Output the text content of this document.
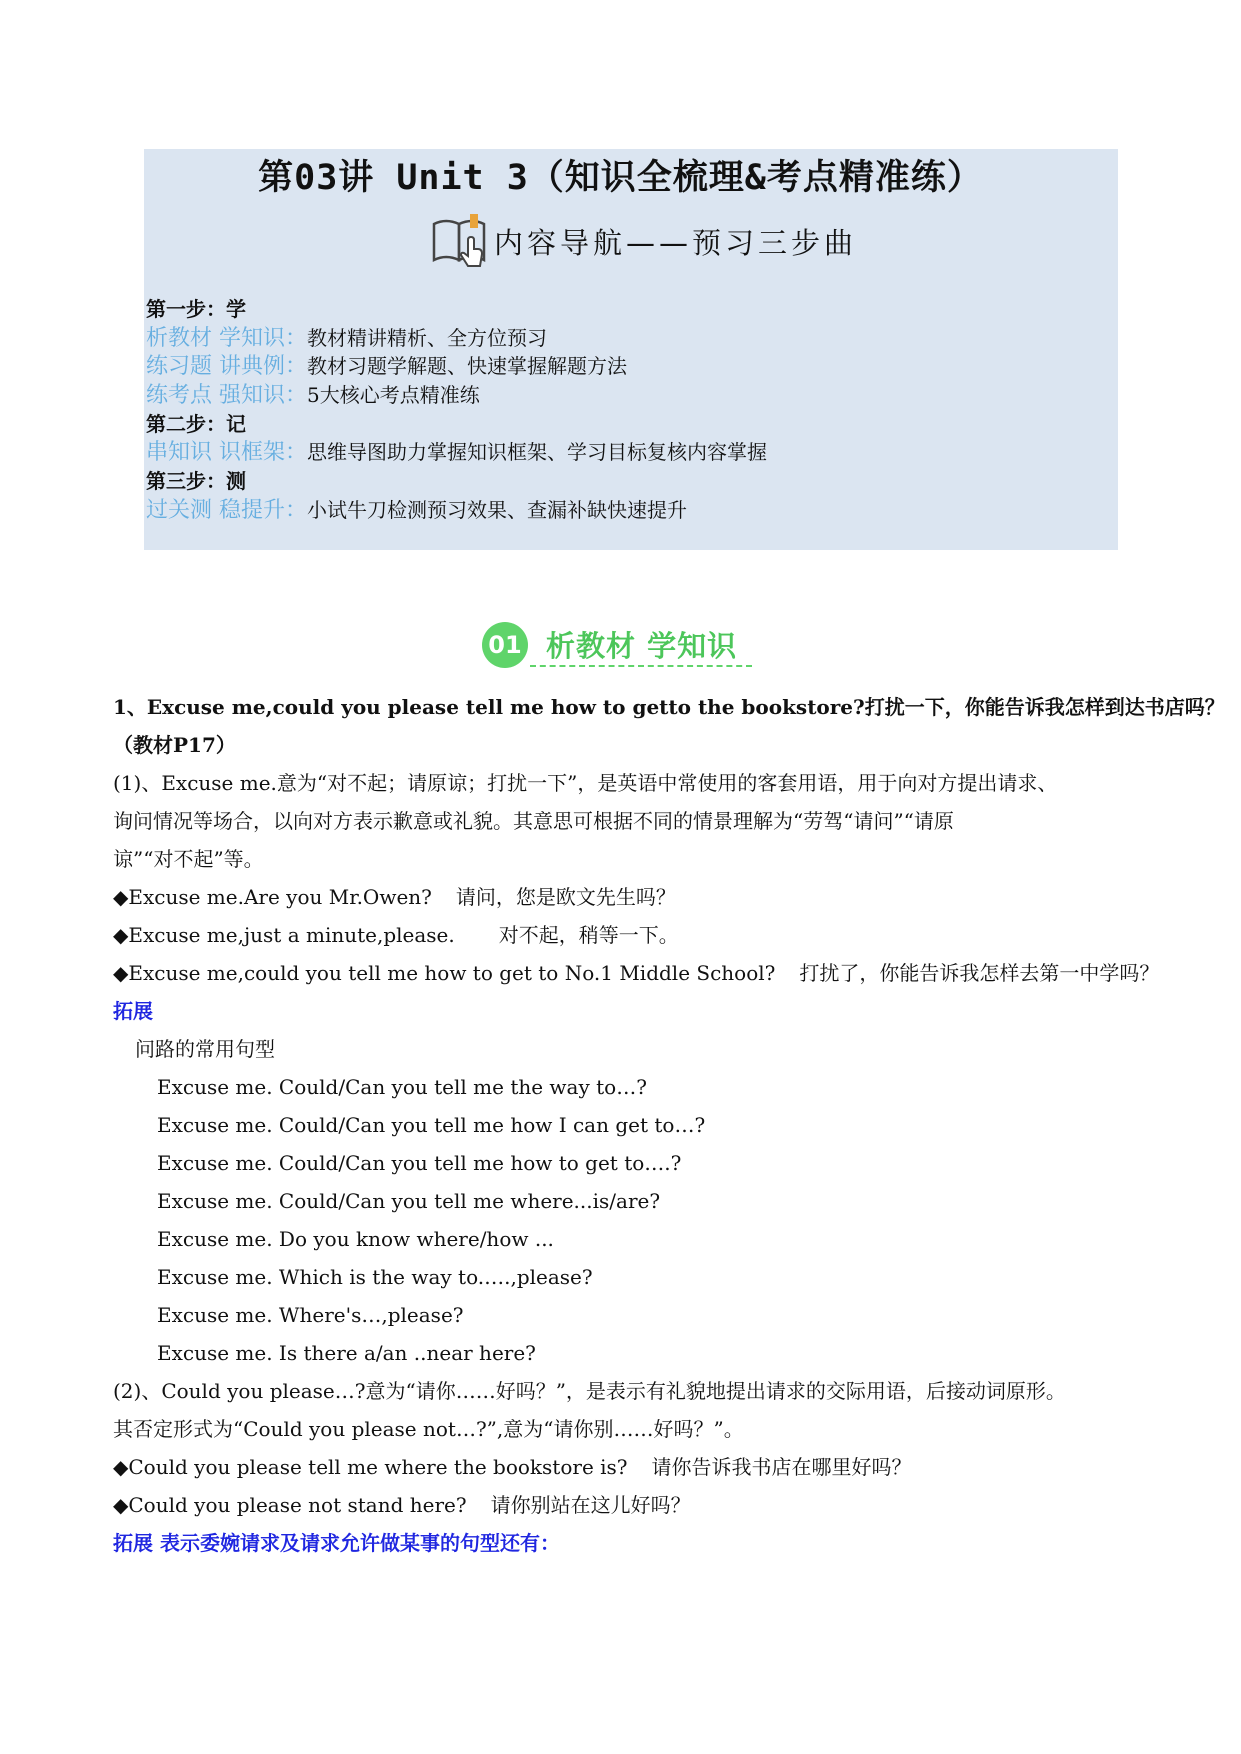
第03讲 Unit 3（知识全梳理&考点精准练）
内容导航——预习三步曲
第一步：学
析教材 学知识：教材精讲精析、全方位预习
练习题 讲典例：教材习题学解题、快速掌握解题方法
练考点 强知识：5大核心考点精准练
第二步：记
串知识 识框架：思维导图助力掌握知识框架、学习目标复核内容掌握
第三步：测
过关测 稳提升：小试牛刀检测预习效果、查漏补缺快速提升
01 析教材 学知识
1、Excuse me,could you please tell me how to getto the bookstore?打扰一下，你能告诉我怎样到达书店吗？
（教材P17）
(1)、Excuse me.意为“对不起；请原谅；打扰一下”，是英语中常使用的客套用语，用于向对方提出请求、
询问情况等场合，以向对方表示歉意或礼貌。其意思可根据不同的情景理解为“劳驾“请问”“请原
谅”“对不起”等。
◆Excuse me.Are you Mr.Owen? 请问，您是欧文先生吗？
◆Excuse me,just a minute,please. 对不起，稍等一下。
◆Excuse me,could you tell me how to get to No.1 Middle School? 打扰了，你能告诉我怎样去第一中学吗？
拓展
问路的常用句型
Excuse me. Could/Can you tell me the way to…?
Excuse me. Could/Can you tell me how I can get to…?
Excuse me. Could/Can you tell me how to get to….?
Excuse me. Could/Can you tell me where...is/are?
Excuse me. Do you know where/how ...
Excuse me. Which is the way to.….,please?
Excuse me. Where's…,please?
Excuse me. Is there a/an ..near here?
(2)、Could you please…?意为“请你……好吗？”，是表示有礼貌地提出请求的交际用语，后接动词原形。
其否定形式为“Could you please not…?”,意为“请你别……好吗？”。
◆Could you please tell me where the bookstore is? 请你告诉我书店在哪里好吗？
◆Could you please not stand here? 请你别站在这儿好吗？
拓展 表示委婉请求及请求允许做某事的句型还有：
